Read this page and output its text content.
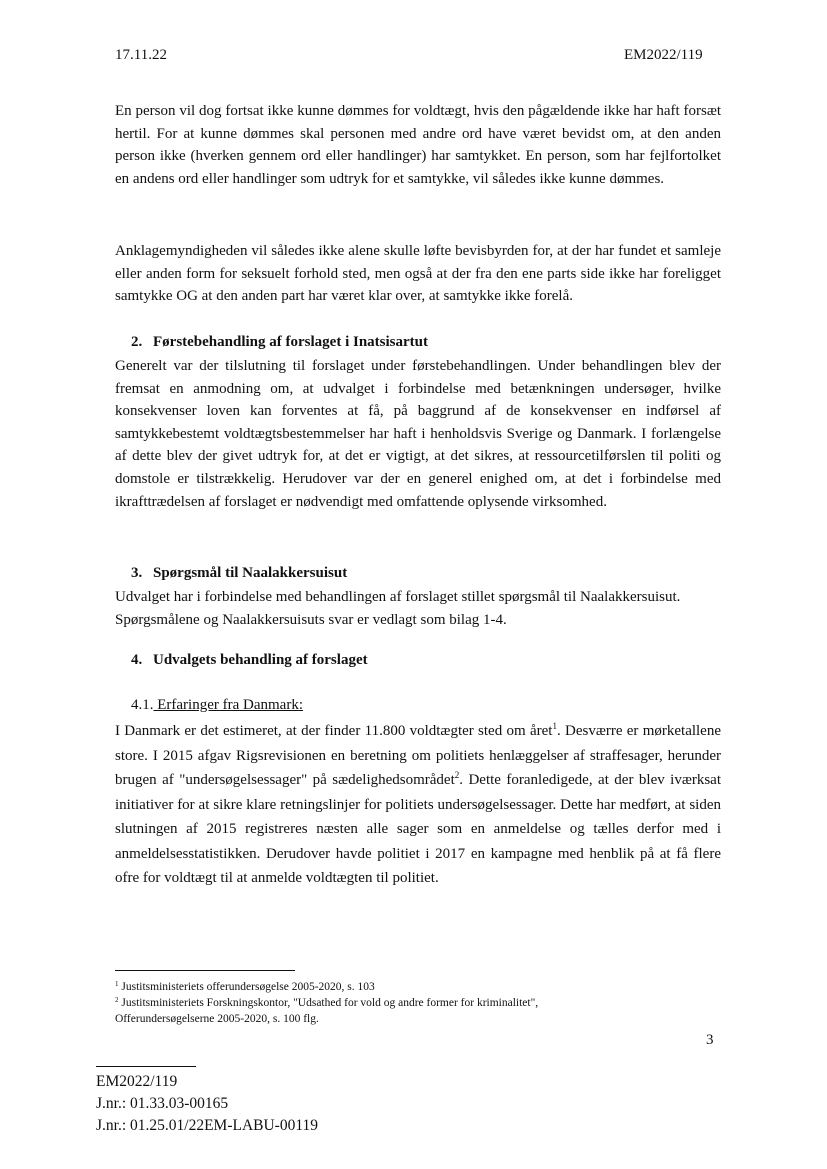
17.11.22	EM2022/119

En person vil dog fortsat ikke kunne dømmes for voldtægt, hvis den pågældende ikke har haft forsæt hertil. For at kunne dømmes skal personen med andre ord have været bevidst om, at den anden person ikke (hverken gennem ord eller handlinger) har samtykket. En person, som har fejlfortolket en andens ord eller handlinger som udtryk for et samtykke, vil således ikke kunne dømmes.

Anklagemyndigheden vil således ikke alene skulle løfte bevisbyrden for, at der har fundet et samleje eller anden form for seksuelt forhold sted, men også at der fra den ene parts side ikke har foreligget samtykke OG at den anden part har været klar over, at samtykke ikke forelå.

2. Førstebehandling af forslaget i Inatsisartut

Generelt var der tilslutning til forslaget under førstebehandlingen. Under behandlingen blev der fremsat en anmodning om, at udvalget i forbindelse med betænkningen undersøger, hvilke konsekvenser loven kan forventes at få, på baggrund af de konsekvenser en indførsel af samtykkebestemt voldtægtsbestemmelser har haft i henholdsvis Sverige og Danmark. I forlængelse af dette blev der givet udtryk for, at det er vigtigt, at det sikres, at ressourcetilførslen til politi og domstole er tilstrækkelig. Herudover var der en generel enighed om, at det i forbindelse med ikrafttrædelsen af forslaget er nødvendigt med omfattende oplysende virksomhed.

3. Spørgsmål til Naalakkersuisut

Udvalget har i forbindelse med behandlingen af forslaget stillet spørgsmål til Naalakkersuisut. Spørgsmålene og Naalakkersuisuts svar er vedlagt som bilag 1-4.

4. Udvalgets behandling af forslaget

4.1. Erfaringer fra Danmark:

I Danmark er det estimeret, at der finder 11.800 voldtægter sted om året$^1$. Desværre er mørketallene store. I 2015 afgav Rigsrevisionen en beretning om politiets henlæggelser af straffesager, herunder brugen af "undersøgelsessager" på sædelighedsområdet$^2$. Dette foranledigede, at der blev iværksat initiativer for at sikre klare retningslinjer for politiets undersøgelsessager. Dette har medført, at siden slutningen af 2015 registreres næsten alle sager som en anmeldelse og tælles derfor med i anmeldelsesstatistikken. Derudover havde politiet i 2017 en kampagne med henblik på at få flere ofre for voldtægt til at anmelde voldtægten til politiet.

$^1$ Justitsministeriets offerundersøgelse 2005-2020, s. 103

$^2$ Justitsministeriets Forskningskontor, "Udsathed for vold og andre former for kriminalitet",

Offerundersøgelserne 2005-2020, s. 100 flg.

3
EM2022/119
J.nr.: 01.33.03-00165
J.nr.: 01.25.01/22EM-LABU-00119
